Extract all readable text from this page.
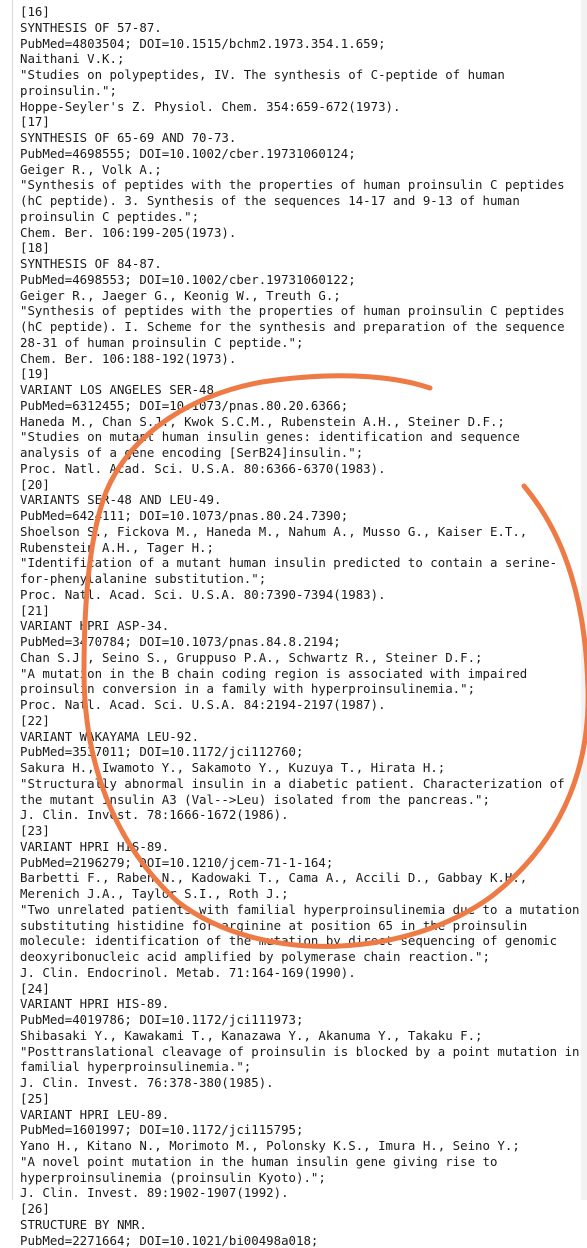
[16]
SYNTHESIS OF 57-87.
PubMed=4803504; DOI=10.1515/bchm2.1973.354.1.659;
Naithani V.K.;
"Studies on polypeptides, IV. The synthesis of C-peptide of human
proinsulin.";
Hoppe-Seyler's Z. Physiol. Chem. 354:659-672(1973).
[17]
SYNTHESIS OF 65-69 AND 70-73.
PubMed=4698555; DOI=10.1002/cber.19731060124;
Geiger R., Volk A.;
"Synthesis of peptides with the properties of human proinsulin C peptides
(hC peptide). 3. Synthesis of the sequences 14-17 and 9-13 of human
proinsulin C peptides.";
Chem. Ber. 106:199-205(1973).
[18]
SYNTHESIS OF 84-87.
PubMed=4698553; DOI=10.1002/cber.19731060122;
Geiger R., Jaeger G., Keonig W., Treuth G.;
"Synthesis of peptides with the properties of human proinsulin C peptides
(hC peptide). I. Scheme for the synthesis and preparation of the sequence
28-31 of human proinsulin C peptide.";
Chem. Ber. 106:188-192(1973).
[19]
VARIANT LOS ANGELES SER-48.
PubMed=6312455; DOI=10.1073/pnas.80.20.6366;
Haneda M., Chan S.J., Kwok S.C.M., Rubenstein A.H., Steiner D.F.;
"Studies on mutant human insulin genes: identification and sequence
analysis of a gene encoding [SerB24]insulin.";
Proc. Natl. Acad. Sci. U.S.A. 80:6366-6370(1983).
[20]
VARIANTS SER-48 AND LEU-49.
PubMed=6424111; DOI=10.1073/pnas.80.24.7390;
Shoelson S., Fickova M., Haneda M., Nahum A., Musso G., Kaiser E.T.,
Rubenstein A.H., Tager H.;
"Identification of a mutant human insulin predicted to contain a serine-
for-phenylalanine substitution.";
Proc. Natl. Acad. Sci. U.S.A. 80:7390-7394(1983).
[21]
VARIANT HPRI ASP-34.
PubMed=3470784; DOI=10.1073/pnas.84.8.2194;
Chan S.J., Seino S., Gruppuso P.A., Schwartz R., Steiner D.F.;
"A mutation in the B chain coding region is associated with impaired
proinsulin conversion in a family with hyperproinsulinemia.";
Proc. Natl. Acad. Sci. U.S.A. 84:2194-2197(1987).
[22]
VARIANT WAKAYAMA LEU-92.
PubMed=3537011; DOI=10.1172/jci112760;
Sakura H., Iwamoto Y., Sakamoto Y., Kuzuya T., Hirata H.;
"Structurally abnormal insulin in a diabetic patient. Characterization of
the mutant insulin A3 (Val-->Leu) isolated from the pancreas.";
J. Clin. Invest. 78:1666-1672(1986).
[23]
VARIANT HPRI HIS-89.
PubMed=2196279; DOI=10.1210/jcem-71-1-164;
Barbetti F., Raben N., Kadowaki T., Cama A., Accili D., Gabbay K.H.,
Merenich J.A., Taylor S.I., Roth J.;
"Two unrelated patients with familial hyperproinsulinemia due to a mutation
substituting histidine for arginine at position 65 in the proinsulin
molecule: identification of the mutation by direct sequencing of genomic
deoxyribonucleic acid amplified by polymerase chain reaction.";
J. Clin. Endocrinol. Metab. 71:164-169(1990).
[24]
VARIANT HPRI HIS-89.
PubMed=4019786; DOI=10.1172/jci111973;
Shibasaki Y., Kawakami T., Kanazawa Y., Akanuma Y., Takaku F.;
"Posttranslational cleavage of proinsulin is blocked by a point mutation in
familial hyperproinsulinemia.";
J. Clin. Invest. 76:378-380(1985).
[25]
VARIANT HPRI LEU-89.
PubMed=1601997; DOI=10.1172/jci115795;
Yano H., Kitano N., Morimoto M., Polonsky K.S., Imura H., Seino Y.;
"A novel point mutation in the human insulin gene giving rise to
hyperproinsulinemia (proinsulin Kyoto).";
J. Clin. Invest. 89:1902-1907(1992).
[26]
STRUCTURE BY NMR.
PubMed=2271664; DOI=10.1021/bi00498a018;
